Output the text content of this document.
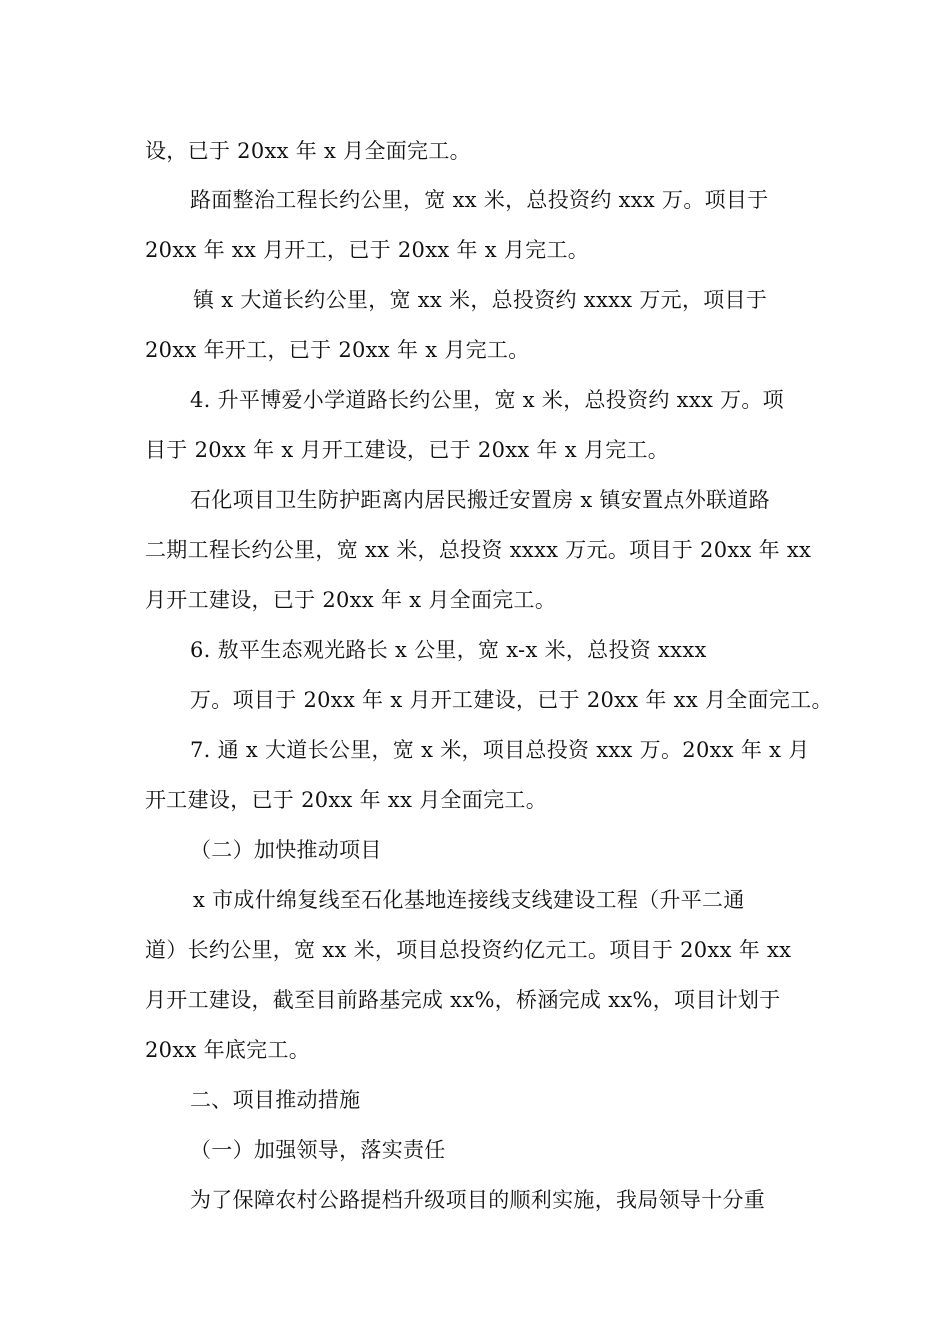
设，已于 20xx 年 x 月全面完工。
路面整治工程长约公里，宽 xx 米，总投资约 xxx 万。项目于
20xx 年 xx 月开工，已于 20xx 年 x 月完工。
镇 x 大道长约公里，宽 xx 米，总投资约 xxxx 万元，项目于
20xx 年开工，已于 20xx 年 x 月完工。
4. 升平博爱小学道路长约公里，宽 x 米，总投资约 xxx 万。项
目于 20xx 年 x 月开工建设，已于 20xx 年 x 月完工。
石化项目卫生防护距离内居民搬迁安置房 x 镇安置点外联道路
二期工程长约公里，宽 xx 米，总投资 xxxx 万元。项目于 20xx 年 xx
月开工建设，已于 20xx 年 x 月全面完工。
6. 敖平生态观光路长 x 公里，宽 x-x 米，总投资 xxxx
万。项目于 20xx 年 x 月开工建设，已于 20xx 年 xx 月全面完工。
7. 通 x 大道长公里，宽 x 米，项目总投资 xxx 万。20xx 年 x 月
开工建设，已于 20xx 年 xx 月全面完工。
（二）加快推动项目
x 市成什绵复线至石化基地连接线支线建设工程（升平二通
道）长约公里，宽 xx 米，项目总投资约亿元工。项目于 20xx 年 xx
月开工建设，截至目前路基完成 xx%，桥涵完成 xx%，项目计划于
20xx 年底完工。
二、项目推动措施
（一）加强领导，落实责任
为了保障农村公路提档升级项目的顺利实施，我局领导十分重
